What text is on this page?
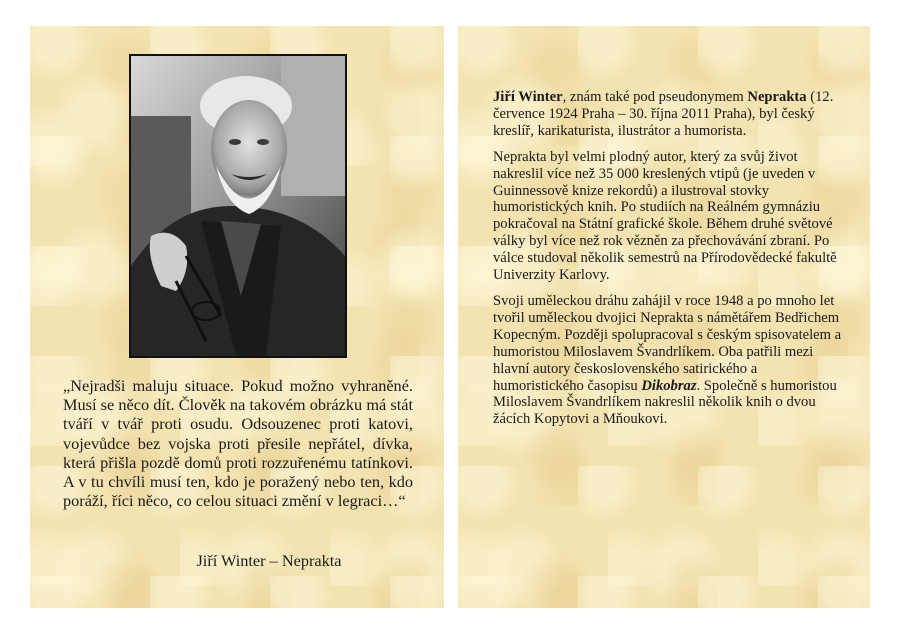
„Nejradši maluju situace. Pokud možno vyhraněné. Musí se něco dít. Člověk na takovém obrázku má stát tváří v tvář proti osudu. Odsouzenec proti katovi, vojevůdce bez vojska proti přesile nepřátel, dívka, která přišla pozdě domů proti rozzuřenému tatínkovi. A v tu chvíli musí ten, kdo je poražený nebo ten, kdo poráží, říci něco, co celou situaci změní v legraci…“

Jiří Winter – Neprakta

Jiří Winter, znám také pod pseudonymem Neprakta (12. července 1924 Praha – 30. října 2011 Praha), byl český kreslíř, karikaturista, ilustrátor a humorista.

Neprakta byl velmi plodný autor, který za svůj život nakreslil více než 35 000 kreslených vtipů (je uveden v Guinnessově knize rekordů) a ilustroval stovky humoristických knih. Po studiích na Reálném gymnáziu pokračoval na Státní grafické škole. Během druhé světové války byl více než rok vězněn za přechovávání zbraní. Po válce studoval několik semestrů na Přírodovědecké fakultě Univerzity Karlovy.

Svoji uměleckou dráhu zahájil v roce 1948 a po mnoho let tvořil uměleckou dvojici Neprakta s námětářem Bedřichem Kopecným. Později spolupracoval s českým spisovatelem a humoristou Miloslavem Švandrlíkem. Oba patřili mezi hlavní autory československého satirického a humoristického časopisu Dikobraz. Společně s humoristou Miloslavem Švandrlíkem nakreslil několik knih o dvou žácích Kopytovi a Mňoukovi.
